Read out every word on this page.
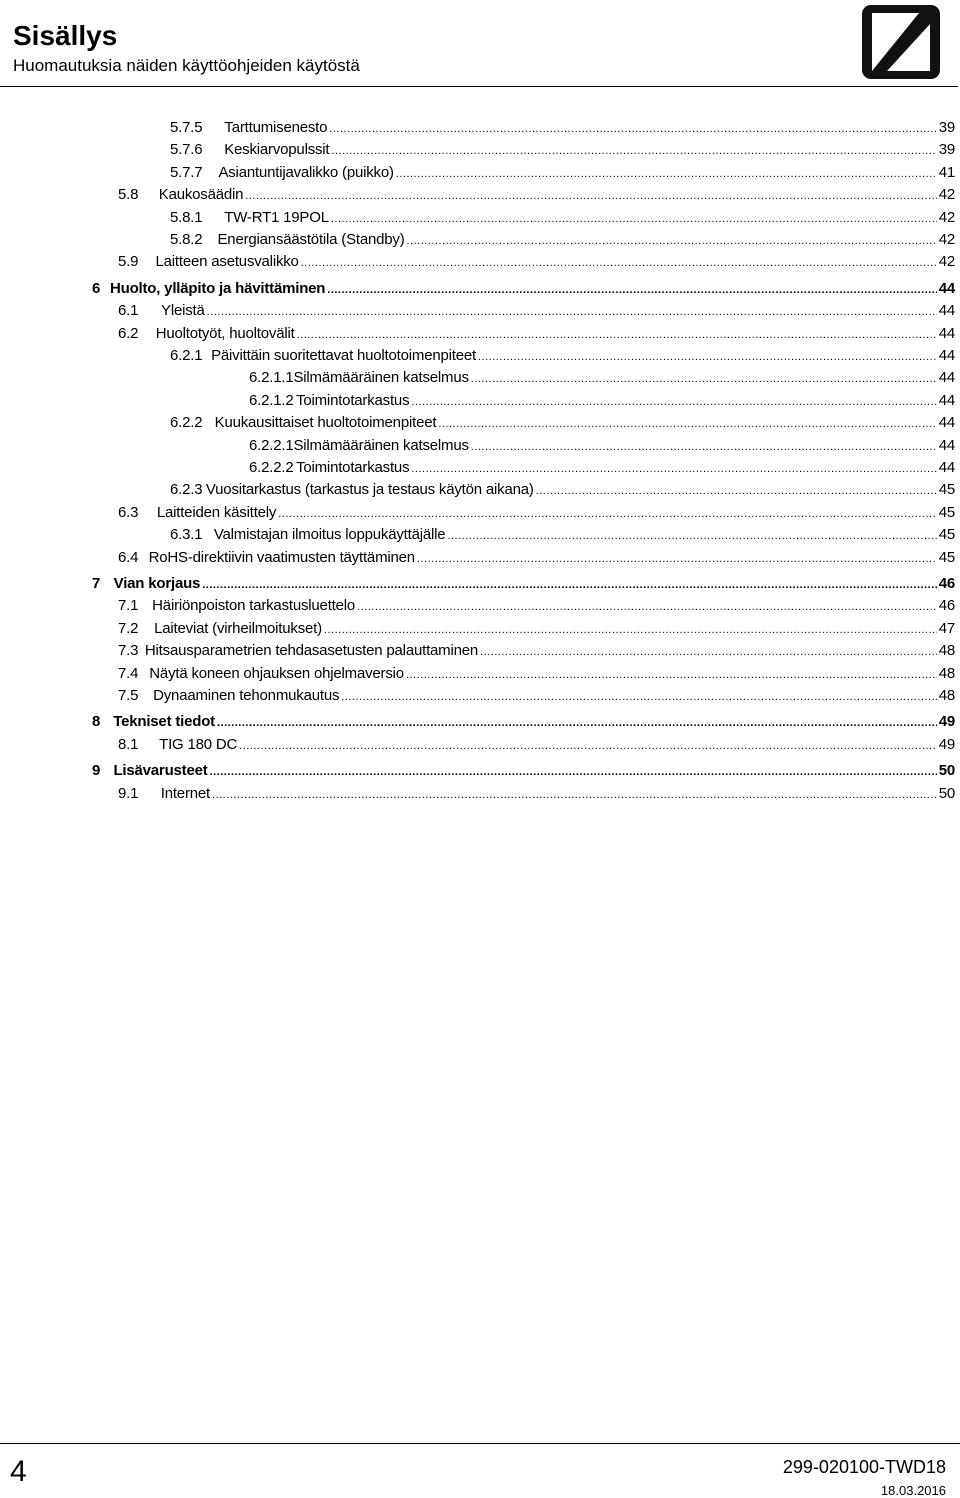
Sisällys
Huomautuksia näiden käyttöohjeiden käytöstä
5.7.5	Tarttumisenesto .....	39
5.7.6	Keskiarvopulssit .....	39
5.7.7	Asiantuntijavalikko (puikko) .....	41
5.8	Kaukosäädin .....	42
5.8.1	TW-RT1 19POL .....	42
5.8.2	Energiansäästötila (Standby) .....	42
5.9	Laitteen asetusvalikko .....	42
6 Huolto, ylläpito ja hävittäminen .....	44
6.1	Yleistä .....	44
6.2	Huoltotyöt, huoltovälit .....	44
6.2.1 Päivittäin suoritettavat huoltotoimenpiteet .....	44
6.2.1.1 Silmämääräinen katselmus .....	44
6.2.1.2 Toimintotarkastus .....	44
6.2.2 Kuukausittaiset huoltotoimenpiteet .....	44
6.2.2.1 Silmämääräinen katselmus .....	44
6.2.2.2 Toimintotarkastus .....	44
6.2.3 Vuositarkastus (tarkastus ja testaus käytön aikana) .....	45
6.3	Laitteiden käsittely .....	45
6.3.1 Valmistajan ilmoitus loppukäyttäjälle .....	45
6.4 RoHS-direktiivin vaatimusten täyttäminen .....	45
7 Vian korjaus .....	46
7.1 Häiriönpoiston tarkastusluettelo .....	46
7.2	Laiteviat (virheilmoitukset) .....	47
7.3 Hitsausparametrien tehdasasetusten palauttaminen .....	48
7.4 Näytä koneen ohjauksen ohjelmaversio .....	48
7.5 Dynaaminen tehonmukautus .....	48
8 Tekniset tiedot .....	49
8.1	TIG 180 DC .....	49
9 Lisävarusteet .....	50
9.1	Internet .....	50
4	299-020100-TWD18
18.03.2016
